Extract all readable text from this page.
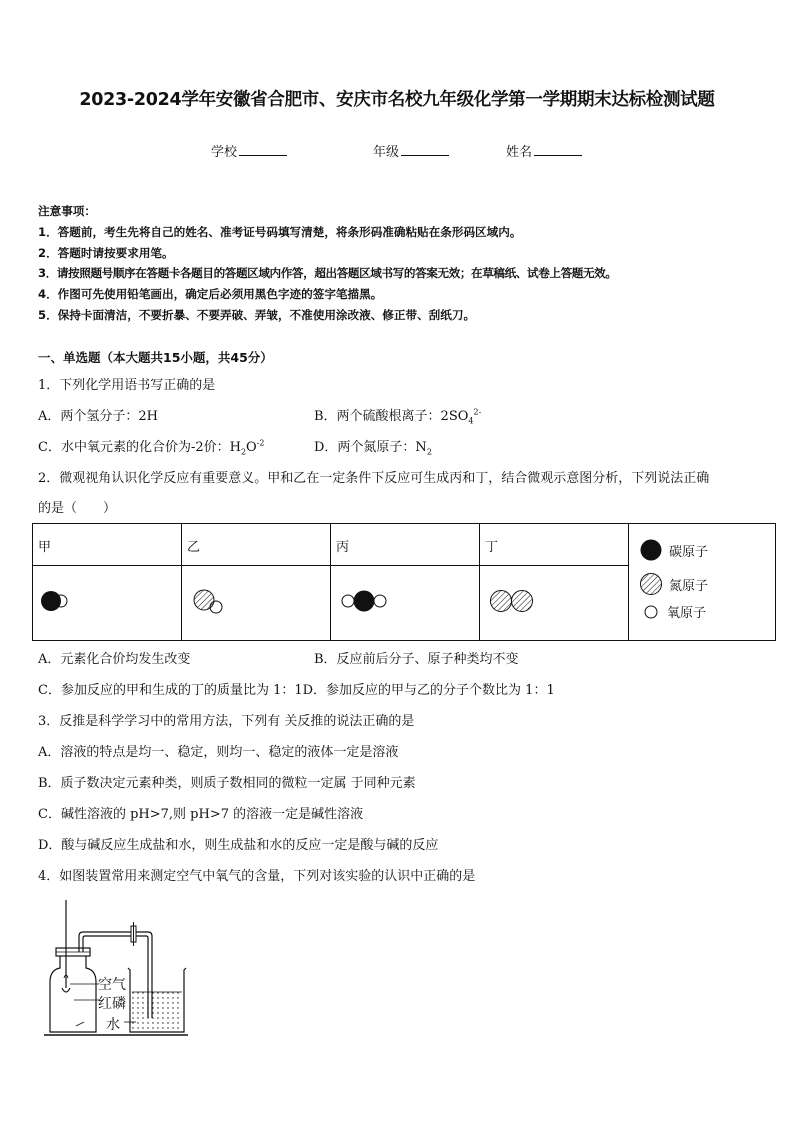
2023-2024学年安徽省合肥市、安庆市名校九年级化学第一学期期末达标检测试题
学校	年级	姓名
注意事项：
1．答题前，考生先将自己的姓名、准考证号码填写清楚，将条形码准确粘贴在条形码区域内。
2．答题时请按要求用笔。
3．请按照题号顺序在答题卡各题目的答题区域内作答，超出答题区域书写的答案无效；在草稿纸、试卷上答题无效。
4．作图可先使用铅笔画出，确定后必须用黑色字迹的签字笔描黑。
5．保持卡面清洁，不要折暴、不要弄破、弄皱，不准使用涂改液、修正带、刮纸刀。
一、单选题（本大题共15小题，共45分）
1．下列化学用语书写正确的是
A．两个氢分子：2H	B．两个硫酸根离子：$2SO_4^{2-}$
C．水中氧元素的化合价为-2价：$H_2O^{-2}$	D．两个氮原子：$N_2$
2．微观视角认识化学反应有重要意义。甲和乙在一定条件下反应可生成丙和丁，结合微观示意图分析，下列说法正确
的是（　　）
甲	乙	丙	丁	碳原子
氮原子
氧原子

A．元素化合价均发生改变	B．反应前后分子、原子种类均不变
C．参加反应的甲和生成的丁的质量比为 1：1D．参加反应的甲与乙的分子个数比为 1：1
3．反推是科学学习中的常用方法，下列有 关反推的说法正确的是
A．溶液的特点是均一、稳定，则均一、稳定的液体一定是溶液
B．质子数决定元素种类，则质子数相同的微粒一定属 于同种元素
C．碱性溶液的 pH>7,则 pH>7 的溶液一定是碱性溶液
D．酸与碱反应生成盐和水，则生成盐和水的反应一定是酸与碱的反应
4．如图装置常用来测定空气中氧气的含量，下列对该实验的认识中正确的是
空气
红磷
水
